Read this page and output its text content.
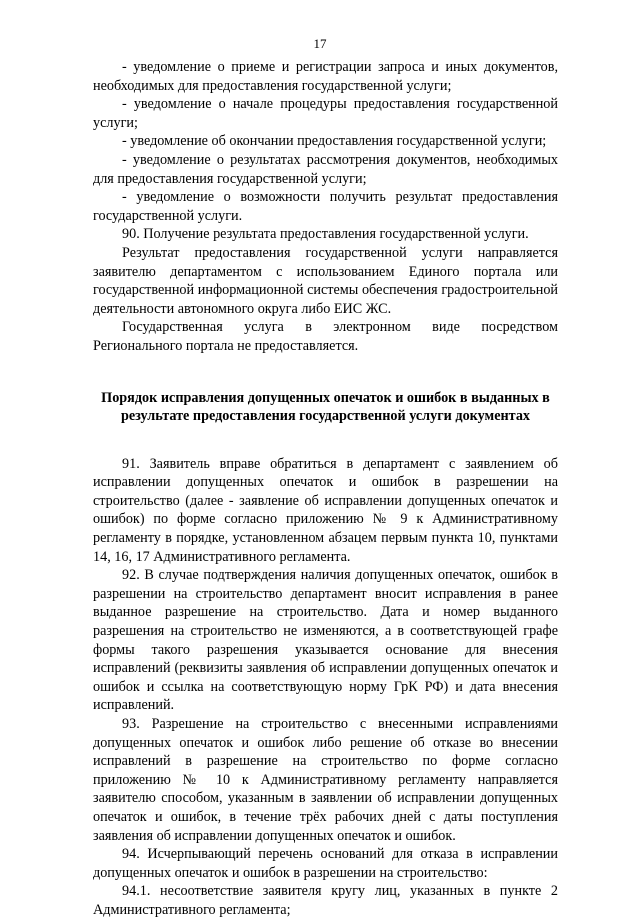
17

- уведомление о приеме и регистрации запроса и иных документов, необходимых для предоставления государственной услуги;

- уведомление о начале процедуры предоставления государственной услуги;

- уведомление об окончании предоставления государственной услуги;

- уведомление о результатах рассмотрения документов, необходимых для предоставления государственной услуги;

- уведомление о возможности получить результат предоставления государственной услуги.

90. Получение результата предоставления государственной услуги.

Результат предоставления государственной услуги направляется заявителю департаментом с использованием Единого портала или государственной информационной системы обеспечения градостроительной деятельности автономного округа либо ЕИС ЖС.

Государственная услуга в электронном виде посредством Регионального портала не предоставляется.

Порядок исправления допущенных опечаток и ошибок в выданных в результате предоставления государственной услуги документах

91. Заявитель вправе обратиться в департамент с заявлением об исправлении допущенных опечаток и ошибок в разрешении на строительство (далее - заявление об исправлении допущенных опечаток и ошибок) по форме согласно приложению № 9 к Административному регламенту в порядке, установленном абзацем первым пункта 10, пунктами 14, 16, 17 Административного регламента.

92. В случае подтверждения наличия допущенных опечаток, ошибок в разрешении на строительство департамент вносит исправления в ранее выданное разрешение на строительство. Дата и номер выданного разрешения на строительство не изменяются, а в соответствующей графе формы такого разрешения указывается основание для внесения исправлений (реквизиты заявления об исправлении допущенных опечаток и ошибок и ссылка на соответствующую норму ГрК РФ) и дата внесения исправлений.

93. Разрешение на строительство с внесенными исправлениями допущенных опечаток и ошибок либо решение об отказе во внесении исправлений в разрешение на строительство по форме согласно приложению № 10 к Административному регламенту направляется заявителю способом, указанным в заявлении об исправлении допущенных опечаток и ошибок, в течение трёх рабочих дней с даты поступления заявления об исправлении допущенных опечаток и ошибок.

94. Исчерпывающий перечень оснований для отказа в исправлении допущенных опечаток и ошибок в разрешении на строительство:

94.1. несоответствие заявителя кругу лиц, указанных в пункте 2 Административного регламента;
